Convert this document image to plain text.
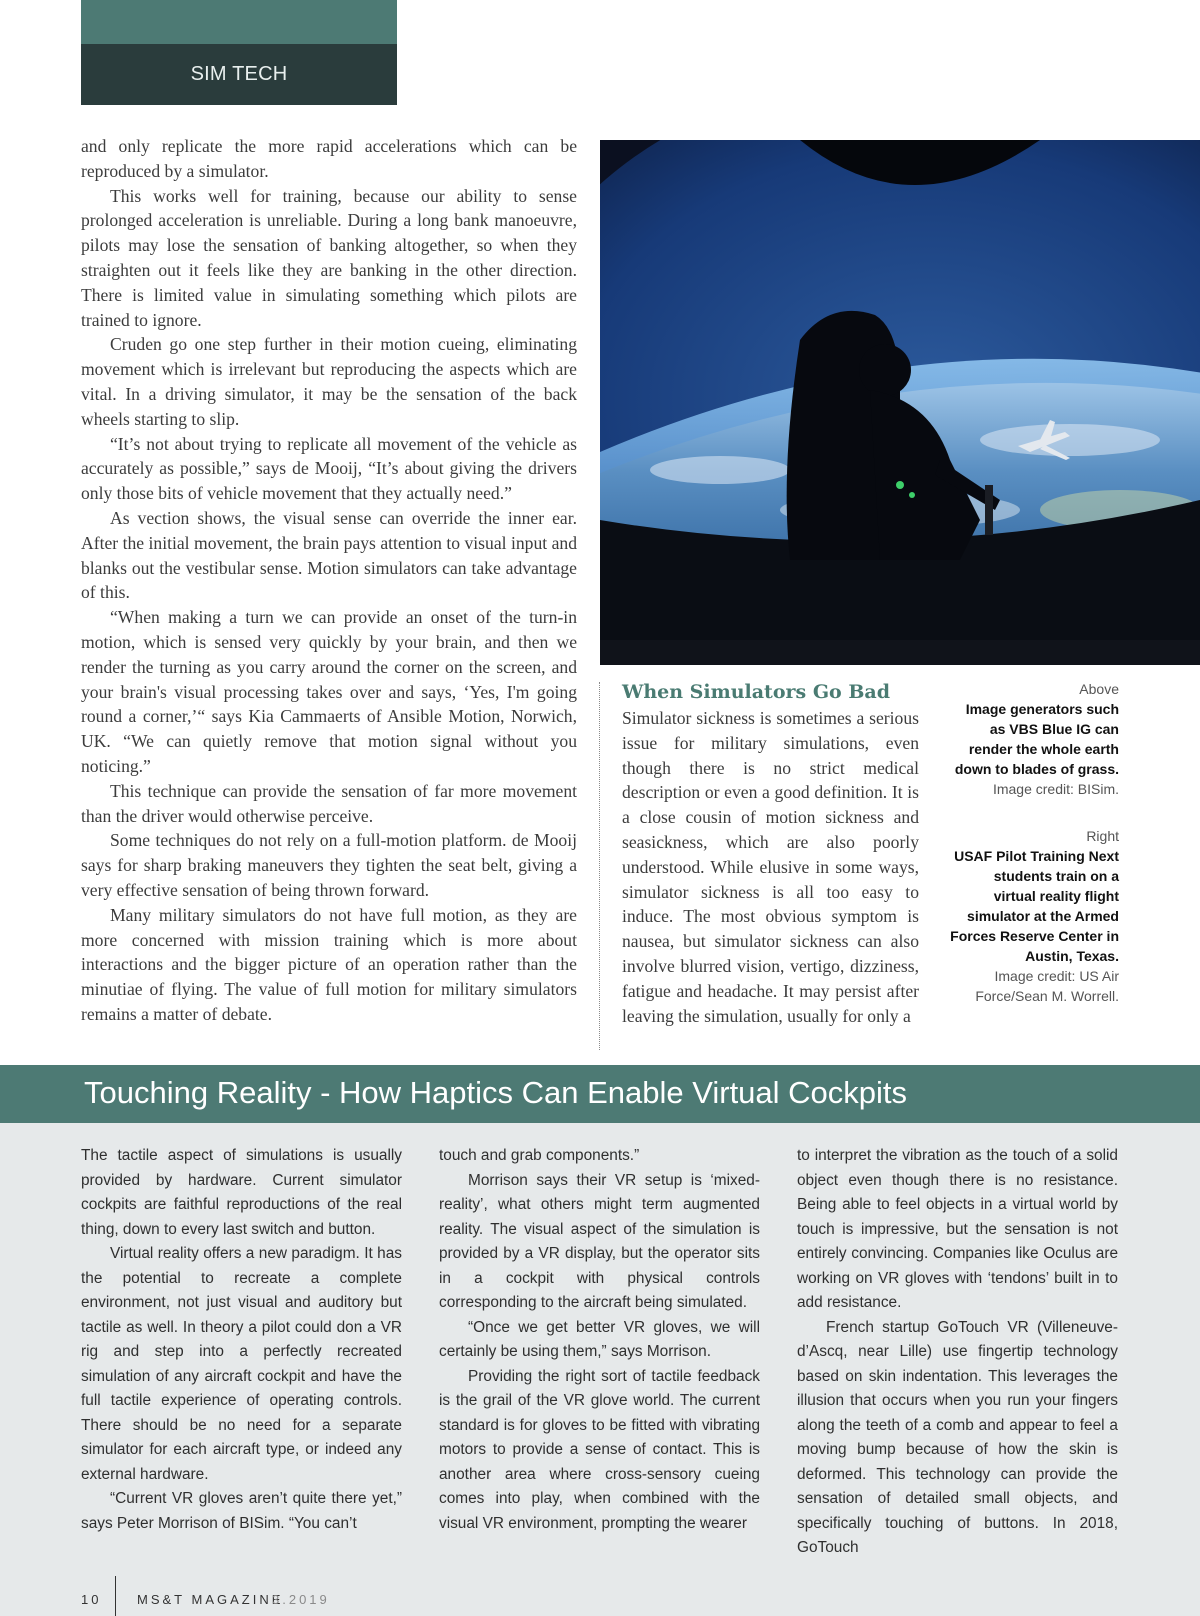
SIM TECH

and only replicate the more rapid accelerations which can be reproduced by a simulator.

This works well for training, because our ability to sense prolonged acceleration is unreliable. During a long bank manoeuvre, pilots may lose the sensation of banking altogether, so when they straighten out it feels like they are banking in the other direction. There is limited value in simulating something which pilots are trained to ignore.

Cruden go one step further in their motion cueing, eliminating movement which is irrelevant but reproducing the aspects which are vital. In a driving simulator, it may be the sensation of the back wheels starting to slip.

“It’s not about trying to replicate all movement of the vehicle as accurately as possible,” says de Mooij, “It’s about giving the drivers only those bits of vehicle movement that they actually need.”

As vection shows, the visual sense can override the inner ear. After the initial movement, the brain pays attention to visual input and blanks out the vestibular sense. Motion simulators can take advantage of this.

“When making a turn we can provide an onset of the turn-in motion, which is sensed very quickly by your brain, and then we render the turning as you carry around the corner on the screen, and your brain's visual processing takes over and says, ‘Yes, I'm going round a corner,’“ says Kia Cammaerts of Ansible Motion, Norwich, UK. “We can quietly remove that motion signal without you noticing.”

This technique can provide the sensation of far more movement than the driver would otherwise perceive.

Some techniques do not rely on a full-motion platform. de Mooij says for sharp braking maneuvers they tighten the seat belt, giving a very effective sensation of being thrown forward.

Many military simulators do not have full motion, as they are more concerned with mission training which is more about interactions and the bigger picture of an operation rather than the minutiae of flying. The value of full motion for military simulators remains a matter of debate.

When Simulators Go Bad
Simulator sickness is sometimes a serious issue for military simulations, even though there is no strict medical description or even a good definition. It is a close cousin of motion sickness and seasickness, which are also poorly understood. While elusive in some ways, simulator sickness is all too easy to induce. The most obvious symptom is nausea, but simulator sickness can also involve blurred vision, vertigo, dizziness, fatigue and headache. It may persist after leaving the simulation, usually for only a
Above
Image generators such as VBS Blue IG can render the whole earth down to blades of grass.
Image credit: BISim.
Right
USAF Pilot Training Next students train on a virtual reality flight simulator at the Armed Forces Reserve Center in Austin, Texas.
Image credit: US Air Force/Sean M. Worrell.
Touching Reality - How Haptics Can Enable Virtual Cockpits

The tactile aspect of simulations is usually provided by hardware. Current simulator cockpits are faithful reproductions of the real thing, down to every last switch and button.

Virtual reality offers a new paradigm. It has the potential to recreate a complete environment, not just visual and auditory but tactile as well. In theory a pilot could don a VR rig and step into a perfectly recreated simulation of any aircraft cockpit and have the full tactile experience of operating controls. There should be no need for a separate simulator for each aircraft type, or indeed any external hardware.

“Current VR gloves aren’t quite there yet,” says Peter Morrison of BISim. “You can’t

touch and grab components.”

Morrison says their VR setup is ‘mixed-reality’, what others might term augmented reality. The visual aspect of the simulation is provided by a VR display, but the operator sits in a cockpit with physical controls corresponding to the aircraft being simulated.

“Once we get better VR gloves, we will certainly be using them,” says Morrison.

Providing the right sort of tactile feedback is the grail of the VR glove world. The current standard is for gloves to be fitted with vibrating motors to provide a sense of contact. This is another area where cross-sensory cueing comes into play, when combined with the visual VR environment, prompting the wearer

to interpret the vibration as the touch of a solid object even though there is no resistance. Being able to feel objects in a virtual world by touch is impressive, but the sensation is not entirely convincing. Companies like Oculus are working on VR gloves with ‘tendons’ built in to add resistance.

French startup GoTouch VR (Villeneuve-d’Ascq, near Lille) use fingertip technology based on skin indentation. This leverages the illusion that occurs when you run your fingers along the teeth of a comb and appear to feel a moving bump because of how the skin is deformed. This technology can provide the sensation of detailed small objects, and specifically touching of buttons. In 2018, GoTouch

10	MS&T MAGAZINE
3.2019
